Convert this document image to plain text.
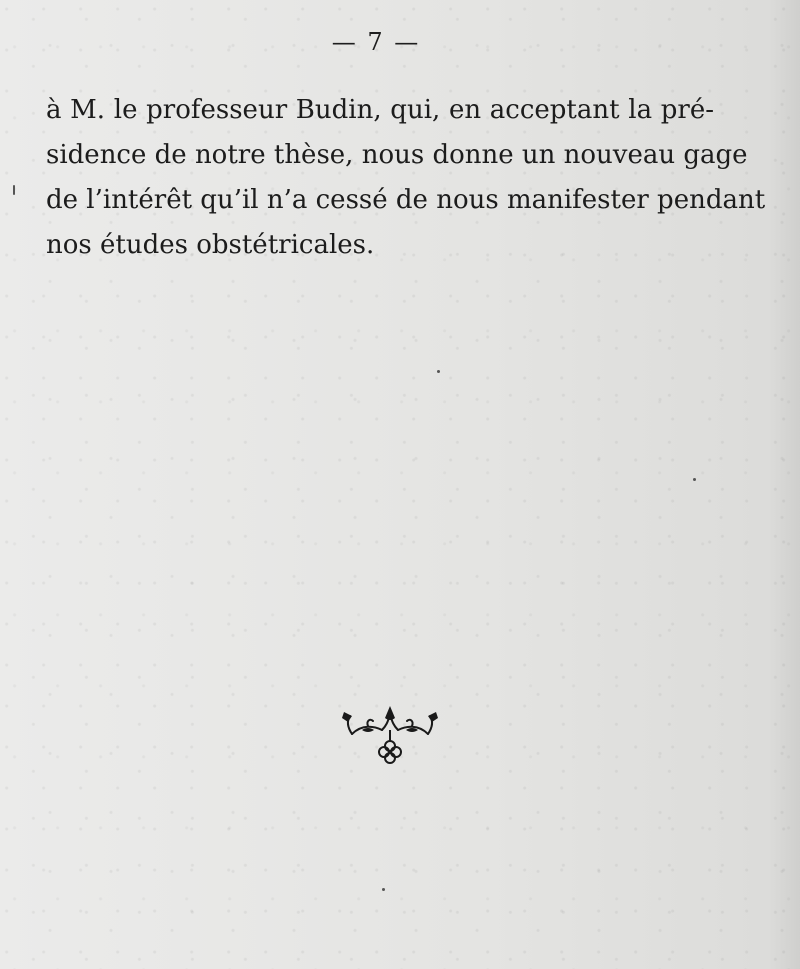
— 7 —
à M. le professeur Budin, qui, en acceptant la pré-
sidence de notre thèse, nous donne un nouveau gage
de l’intérêt qu’il n’a cessé de nous manifester pendant
nos études obstétricales.
